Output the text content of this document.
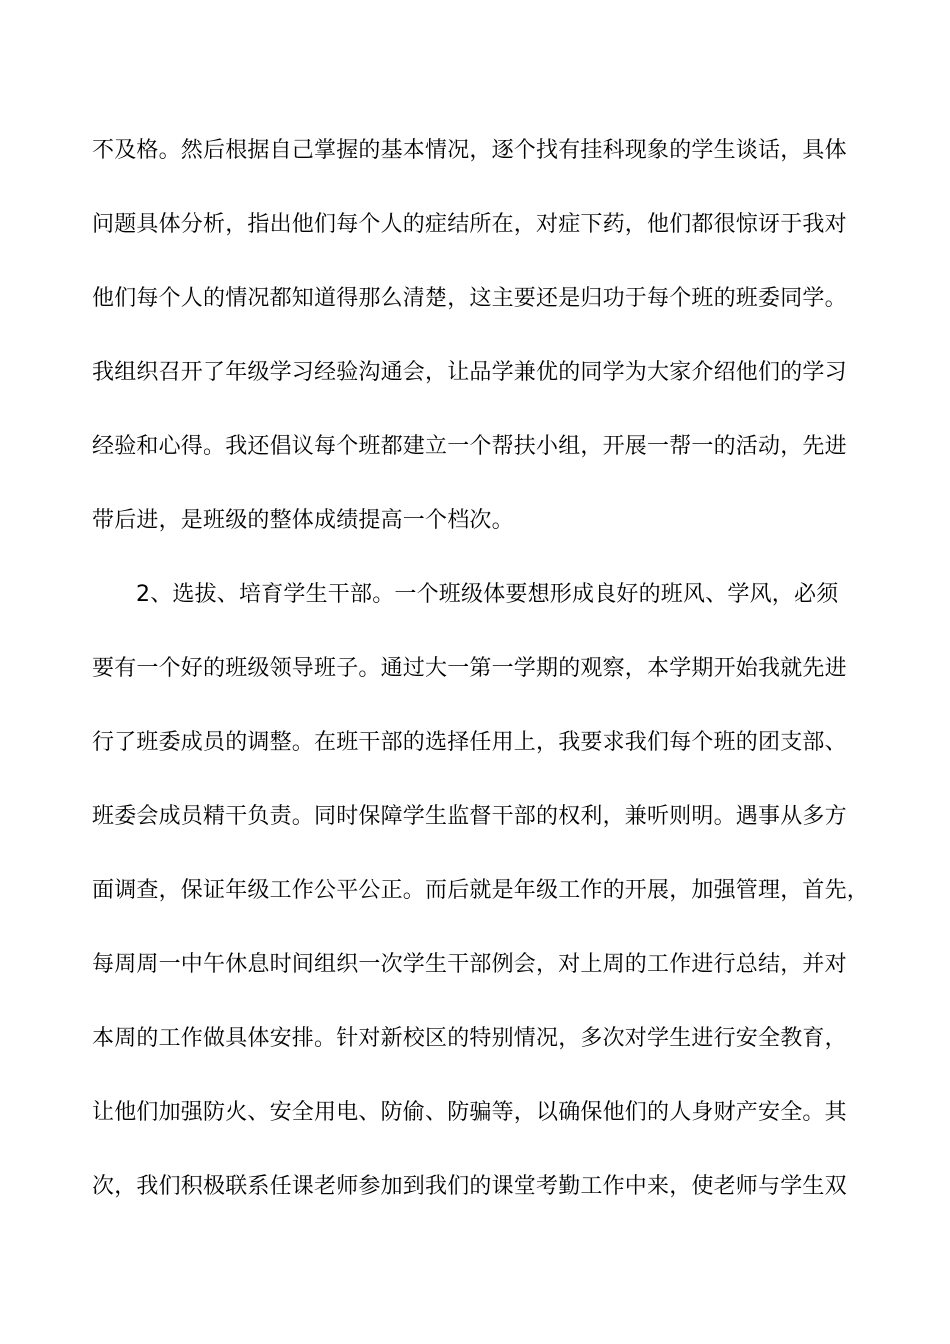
不及格。然后根据自己掌握的基本情况，逐个找有挂科现象的学生谈话，具体
问题具体分析，指出他们每个人的症结所在，对症下药，他们都很惊讶于我对
他们每个人的情况都知道得那么清楚，这主要还是归功于每个班的班委同学。
我组织召开了年级学习经验沟通会，让品学兼优的同学为大家介绍他们的学习
经验和心得。我还倡议每个班都建立一个帮扶小组，开展一帮一的活动，先进
带后进，是班级的整体成绩提高一个档次。
2、选拔、培育学生干部。一个班级体要想形成良好的班风、学风，必须
要有一个好的班级领导班子。通过大一第一学期的观察，本学期开始我就先进
行了班委成员的调整。在班干部的选择任用上，我要求我们每个班的团支部、
班委会成员精干负责。同时保障学生监督干部的权利，兼听则明。遇事从多方
面调查，保证年级工作公平公正。而后就是年级工作的开展，加强管理，首先，
每周周一中午休息时间组织一次学生干部例会，对上周的工作进行总结，并对
本周的工作做具体安排。针对新校区的特别情况，多次对学生进行安全教育，
让他们加强防火、安全用电、防偷、防骗等，以确保他们的人身财产安全。其
次，我们积极联系任课老师参加到我们的课堂考勤工作中来，使老师与学生双
